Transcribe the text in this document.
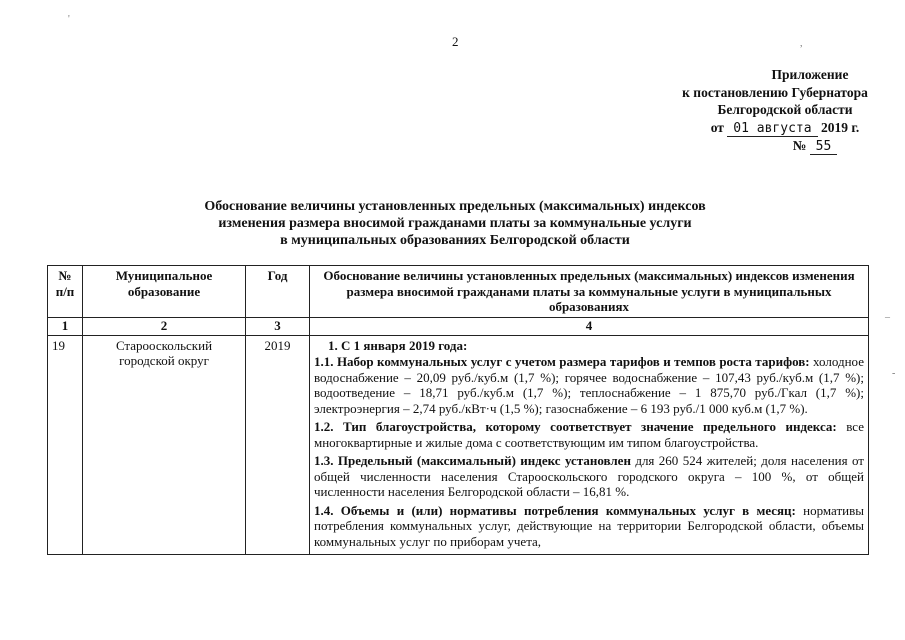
2
Приложение
к постановлению Губернатора
Белгородской области
от 01 августа 2019 г.
№ 55
Обоснование величины установленных предельных (максимальных) индексов
изменения размера вносимой гражданами платы за коммунальные услуги
в муниципальных образованиях Белгородской области
№ п/п	Муниципальное образование	Год	Обоснование величины установленных предельных (максимальных) индексов изменения размера вносимой гражданами платы за коммунальные услуги в муниципальных образованиях
1	2	3	4
19	Старооскольский городской округ	2019	1. С 1 января 2019 года:

1.1. Набор коммунальных услуг с учетом размера тарифов и темпов роста тарифов: холодное водоснабжение – 20,09 руб./куб.м (1,7 %); горячее водоснабжение – 107,43 руб./куб.м (1,7 %); водоотведение – 18,71 руб./куб.м (1,7 %); теплоснабжение – 1 875,70 руб./Гкал (1,7 %); электроэнергия – 2,74 руб./кВт·ч (1,5 %); газоснабжение – 6 193 руб./1 000 куб.м (1,7 %).

1.2. Тип благоустройства, которому соответствует значение предельного индекса: все многоквартирные и жилые дома с соответствующим им типом благоустройства.

1.3. Предельный (максимальный) индекс установлен для 260 524 жителей; доля населения от общей численности населения Старооскольского городского округа – 100 %, от общей численности населения Белгородской области – 16,81 %.

1.4. Объемы и (или) нормативы потребления коммунальных услуг в месяц: нормативы потребления коммунальных услуг, действующие на территории Белгородской области, объемы коммунальных услуг по приборам учета,

'
,
–
-
